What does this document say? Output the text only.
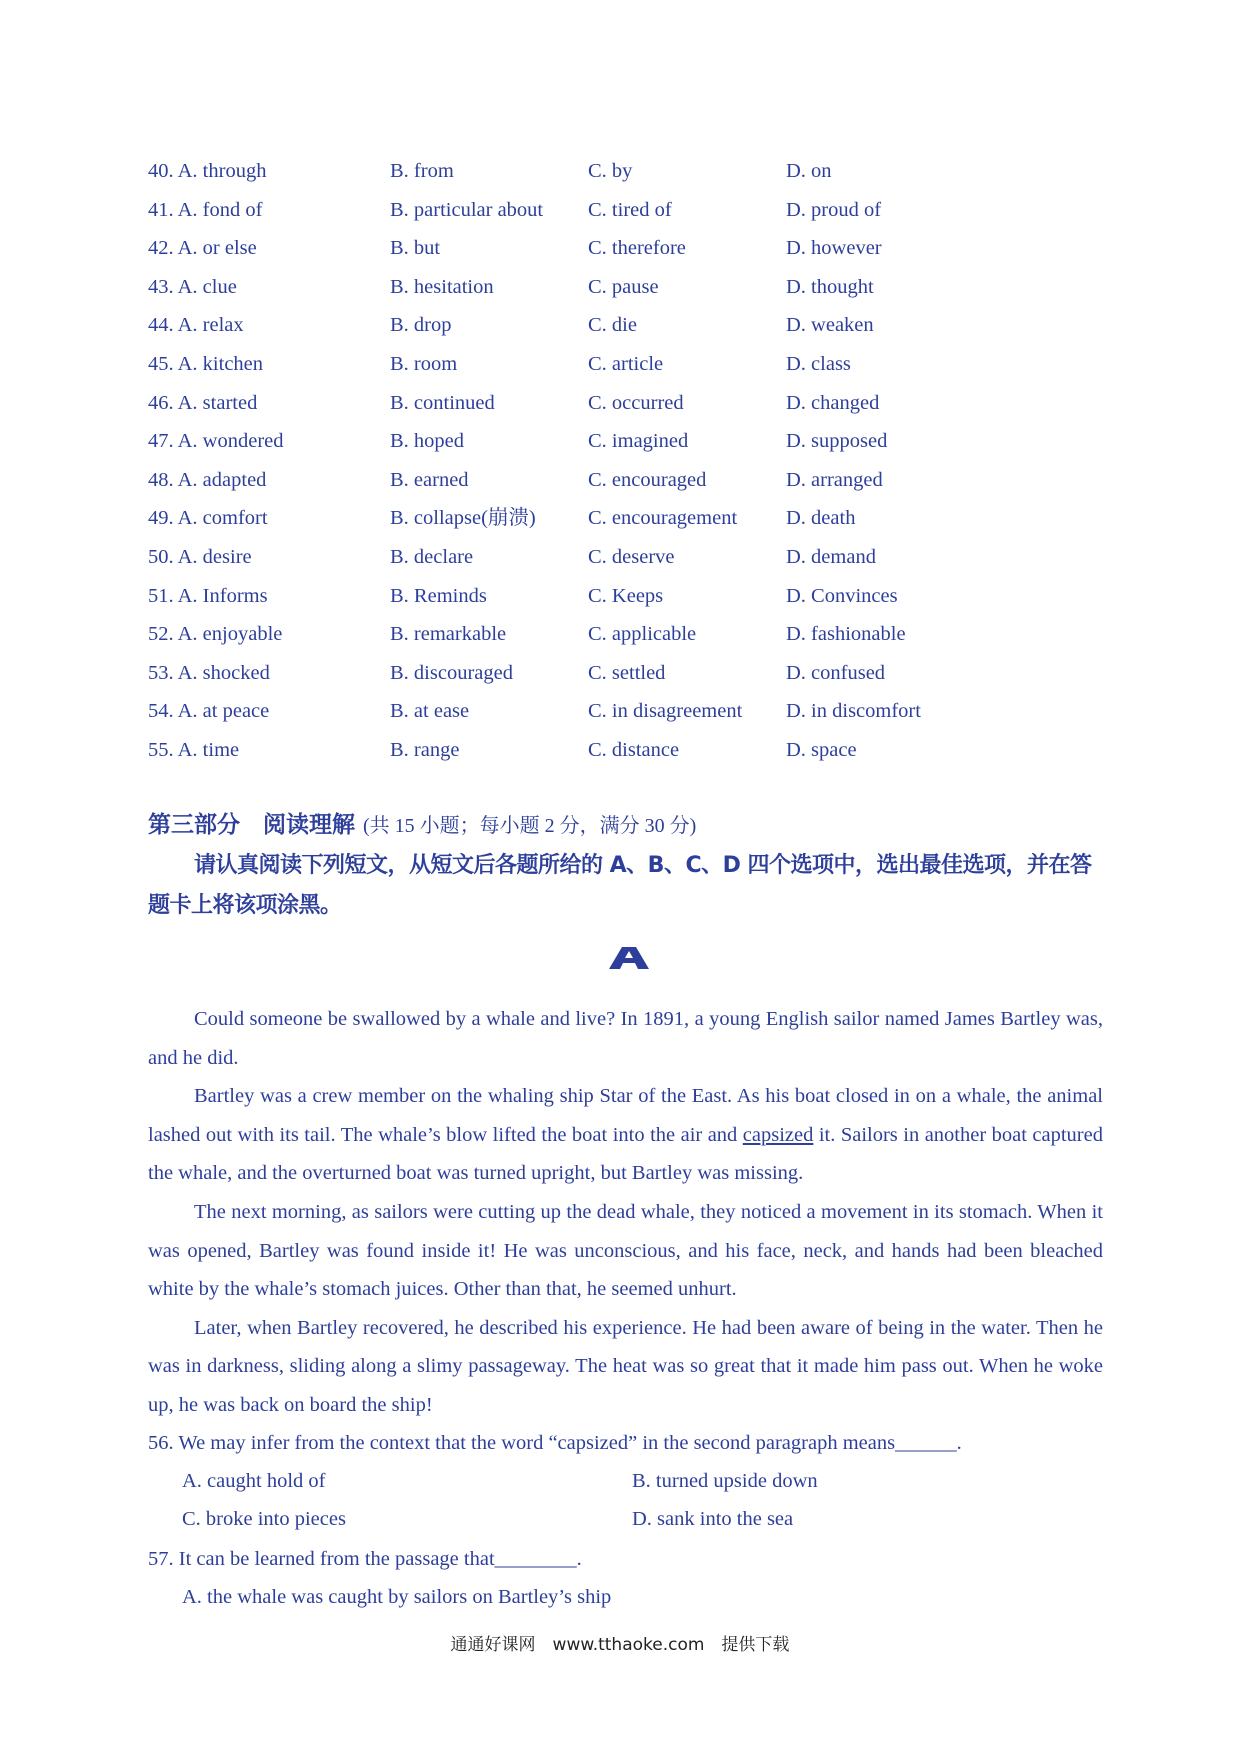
40. A. through	B. from	C. by	D. on
41. A. fond of	B. particular about C. tired of	D. proud of
42. A. or else	B. but	C. therefore	D. however
43. A. clue	B. hesitation	C. pause	D. thought
44. A. relax	B. drop	C. die	D. weaken
45. A. kitchen	B. room	C. article	D. class
46. A. started	B. continued	C. occurred	D. changed
47. A. wondered	B. hoped	C. imagined	D. supposed
48. A. adapted	B. earned	C. encouraged	D. arranged
49. A. comfort	B. collapse(崩溃)	C. encouragement D. death
50. A. desire	B. declare	C. deserve	D. demand
51. A. Informs	B. Reminds	C. Keeps	D. Convinces
52. A. enjoyable	B. remarkable	C. applicable	D. fashionable
53. A. shocked	B. discouraged	C. settled	D. confused
54. A. at peace	B. at ease	C. in disagreement D. in discomfort
55. A. time	B. range	C. distance	D. space
第三部分　阅读理解 (共 15 小题；每小题 2 分，满分 30 分)

请认真阅读下列短文，从短文后各题所给的 A、B、C、D 四个选项中，选出最佳选项，并在答题卡上将该项涂黑。

Could someone be swallowed by a whale and live? In 1891, a young English sailor named James Bartley was, and he did.

Bartley was a crew member on the whaling ship Star of the East. As his boat closed in on a whale, the animal lashed out with its tail. The whale’s blow lifted the boat into the air and capsized it. Sailors in another boat captured the whale, and the overturned boat was turned upright, but Bartley was missing.

The next morning, as sailors were cutting up the dead whale, they noticed a movement in its stomach. When it was opened, Bartley was found inside it! He was unconscious, and his face, neck, and hands had been bleached white by the whale’s stomach juices. Other than that, he seemed unhurt.

Later, when Bartley recovered, he described his experience. He had been aware of being in the water. Then he was in darkness, sliding along a slimy passageway. The heat was so great that it made him pass out. When he woke up, he was back on board the ship!

56. We may infer from the context that the word “capsized” in the second paragraph means______.
A. caught hold of	B. turned upside down
C. broke into pieces	D. sank into the sea
57. It can be learned from the passage that________.
A. the whale was caught by sailors on Bartley’s ship
通通好课网　www.tthaoke.com　提供下载
